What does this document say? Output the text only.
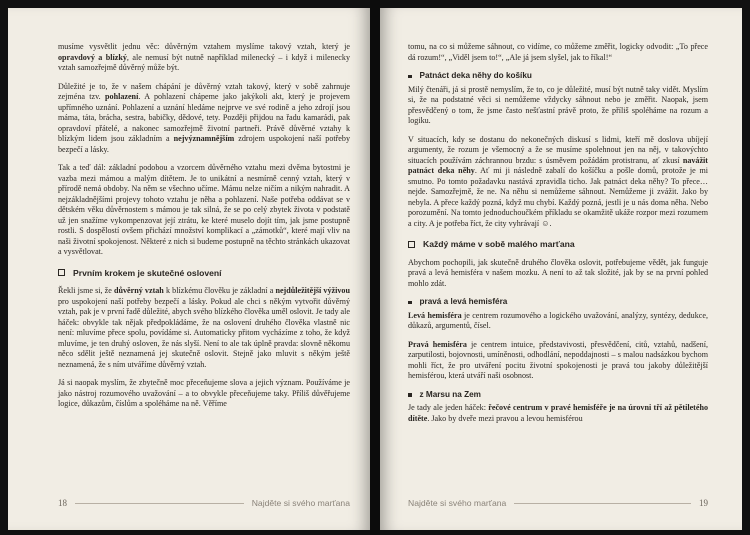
musíme vysvětlit jednu věc: důvěrným vztahem myslíme takový vztah, který je opravdový a blízký, ale nemusí být nutně například milenecký – i když i milenecky vztah samozřejmě důvěrný může být.

Důležité je to, že v našem chápání je důvěrný vztah takový, který v sobě zahrnuje zejména tzv. pohlazení. A pohlazení chápeme jako jakýkoli akt, který je projevem upřímného uznání. Pohlazení a uznání hledáme nejprve ve své rodině a jeho zdrojí jsou máma, táta, brácha, sestra, babičky, dědové, tety. Později přijdou na řadu kamarádi, pak opravdoví přátelé, a nakonec samozřejmě životní partneři. Právě důvěrné vztahy k blízkým lidem jsou základním a nejvýznamnějším zdrojem uspokojení naší potřeby bezpečí a lásky.

Tak a teď dál: základní podobou a vzorcem důvěrného vztahu mezi dvěma bytostmi je vazba mezi mámou a malým dítětem. Je to unikátní a nesmírně cenný vztah, který v přírodě nemá obdoby. Na něm se všechno učíme. Mámu nelze ničím a nikým nahradit. A nejzákladnějšími projevy tohoto vztahu je něha a pohlazení. Naše potřeba oddávat se v dětském věku důvěrnostem s mámou je tak silná, že se po celý zbytek života v podstatě už jen snažíme vykompenzovat její ztrátu, ke které muselo dojít tím, jak jsme postupně rostli. S dospělostí ovšem přichází množství komplikací a „zámotků“, které mají vliv na naši životní spokojenost. Některé z nich si budeme postupně na těchto stránkách ukazovat a vysvětlovat.

Prvním krokem je skutečné oslovení

Řekli jsme si, že důvěrný vztah k blízkému člověku je základní a nejdůležitější výživou pro uspokojení naší potřeby bezpečí a lásky. Pokud ale chci s někým vytvořit důvěrný vztah, pak je v první řadě důležité, abych svého blízkého člověka uměl oslovit. Je tady ale háček: obvykle tak nějak předpokládáme, že na oslovení druhého člověka vlastně nic není: mluvíme přece spolu, povídáme si. Automaticky přitom vycházíme z toho, že když mluvíme, je ten druhý osloven, že nás slyší. Není to ale tak úplně pravda: slovně někomu něco sdělit ještě neznamená jej skutečně oslovit. Stejně jako mluvit s někým ještě neznamená, že s ním utváříme důvěrný vztah.

Já si naopak myslím, že zbytečně moc přeceňujeme slova a jejich význam. Používáme je jako nástroj rozumového uvažování – a to obvykle přeceňujeme taky. Příliš důvěřujeme logice, důkazům, číslům a spoléháme na ně. Věříme

18	Najděte si svého marťana

tomu, na co si můžeme sáhnout, co vidíme, co můžeme změřit, logicky odvodit: „To přece dá rozum!“, „Viděl jsem to!“, „Ale já jsem slyšel, jak to říkal!“

Patnáct deka něhy do košíku

Milý čtenáři, já si prostě nemyslím, že to, co je důležité, musí být nutně taky vidět. Myslím si, že na podstatné věci si nemůžeme vždycky sáhnout nebo je změřit. Naopak, jsem přesvědčený o tom, že jsme často nešťastní právě proto, že příliš spoléháme na rozum a logiku.

V situacích, kdy se dostanu do nekonečných diskusí s lidmi, kteří mě doslova ubíjejí argumenty, že rozum je všemocný a že se musíme spolehnout jen na něj, v takovýchto situacích používám záchrannou brzdu: s úsměvem požádám protistranu, ať zkusí navážit patnáct deka něhy. Ať mi ji následně zabalí do košíčku a pošle domů, protože je mi smutno. Po tomto požadavku nastává zpravidla ticho. Jak patnáct deka něhy? To přece… nejde. Samozřejmě, že ne. Na něhu si nemůžeme sáhnout. Nemůžeme ji zvážit. Jako by nebyla. A přece každý pozná, když mu chybí. Každý pozná, jestli je u nás doma něha. Nebo porozumění. Na tomto jednoduchoučkém příkladu se okamžitě ukáže rozpor mezi rozumem a city. A je potřeba říct, že city vyhrávají ☺.

Každý máme v sobě malého marťana

Abychom pochopili, jak skutečně druhého člověka oslovit, potřebujeme vědět, jak funguje pravá a levá hemisféra v našem mozku. A není to až tak složité, jak by se na první pohled mohlo zdát.

pravá a levá hemisféra

Levá hemisféra je centrem rozumového a logického uvažování, analýzy, syntézy, dedukce, důkazů, argumentů, čísel.

Pravá hemisféra je centrem intuice, představivosti, přesvědčení, citů, vztahů, nadšení, zarputilosti, bojovnosti, umíněnosti, odhodlání, nepoddajnosti – s malou nadsázkou bychom mohli říct, že pro utváření pocitu životní spokojenosti je pravá tou jakoby důležitější hemisférou, která utváří naši osobnost.

z Marsu na Zem

Je tady ale jeden háček: řečové centrum v pravé hemisféře je na úrovni tří až pětiletého dítěte. Jako by dveře mezi pravou a levou hemisférou

Najděte si svého marťana	19
